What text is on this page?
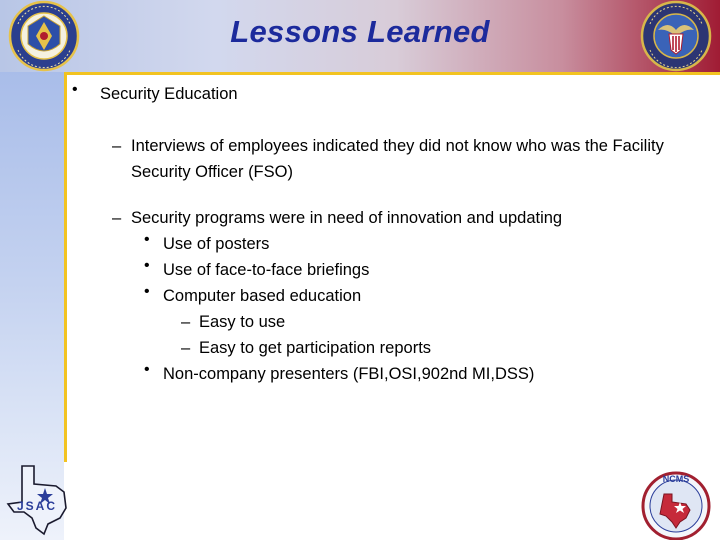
JSAC
NCMS
Lessons Learned
• Security Education
– Interviews of employees indicated they did not know who was the Facility Security Officer (FSO)
– Security programs were in need of innovation and updating
• Use of posters
• Use of face-to-face briefings
• Computer based education
– Easy to use
– Easy to get participation reports
• Non-company presenters (FBI,OSI,902nd MI,DSS)
